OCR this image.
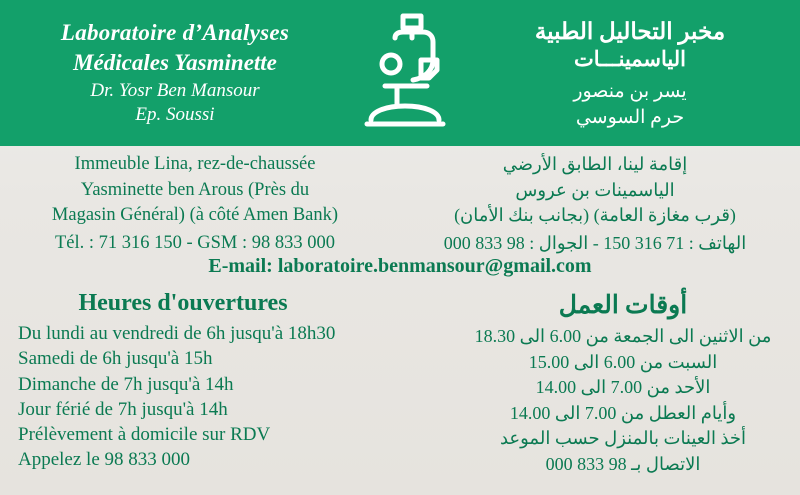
Laboratoire d’Analyses
Médicales Yasminette
Dr. Yosr Ben Mansour
Ep. Soussi
مخبر التحاليل الطبية
الياسمينـــات
يسر بن منصور
حرم السوسي
Immeuble Lina, rez-de-chaussée
Yasminette ben Arous (Près du
Magasin Général) (à côté Amen Bank)
Tél. : 71 316 150 - GSM : 98 833 000
إقامة لينا، الطابق الأرضي
الياسمينات بن عروس
(قرب مغازة العامة) (بجانب بنك الأمان)
الهاتف : 71 316 150 - الجوال : 98 833 000
E-mail: laboratoire.benmansour@gmail.com
Heures d'ouvertures
Du lundi au vendredi de 6h jusqu'à 18h30
Samedi de 6h jusqu'à 15h
Dimanche de 7h jusqu'à 14h
Jour férié de 7h jusqu'à 14h
Prélèvement à domicile sur RDV
Appelez le 98 833 000
أوقات العمل
من الاثنين الى الجمعة من 6.00 الى 18.30
السبت من 6.00 الى 15.00
الأحد من 7.00 الى 14.00
وأيام العطل من 7.00 الى 14.00
أخذ العينات بالمنزل حسب الموعد
الاتصال بـ 98 833 000
